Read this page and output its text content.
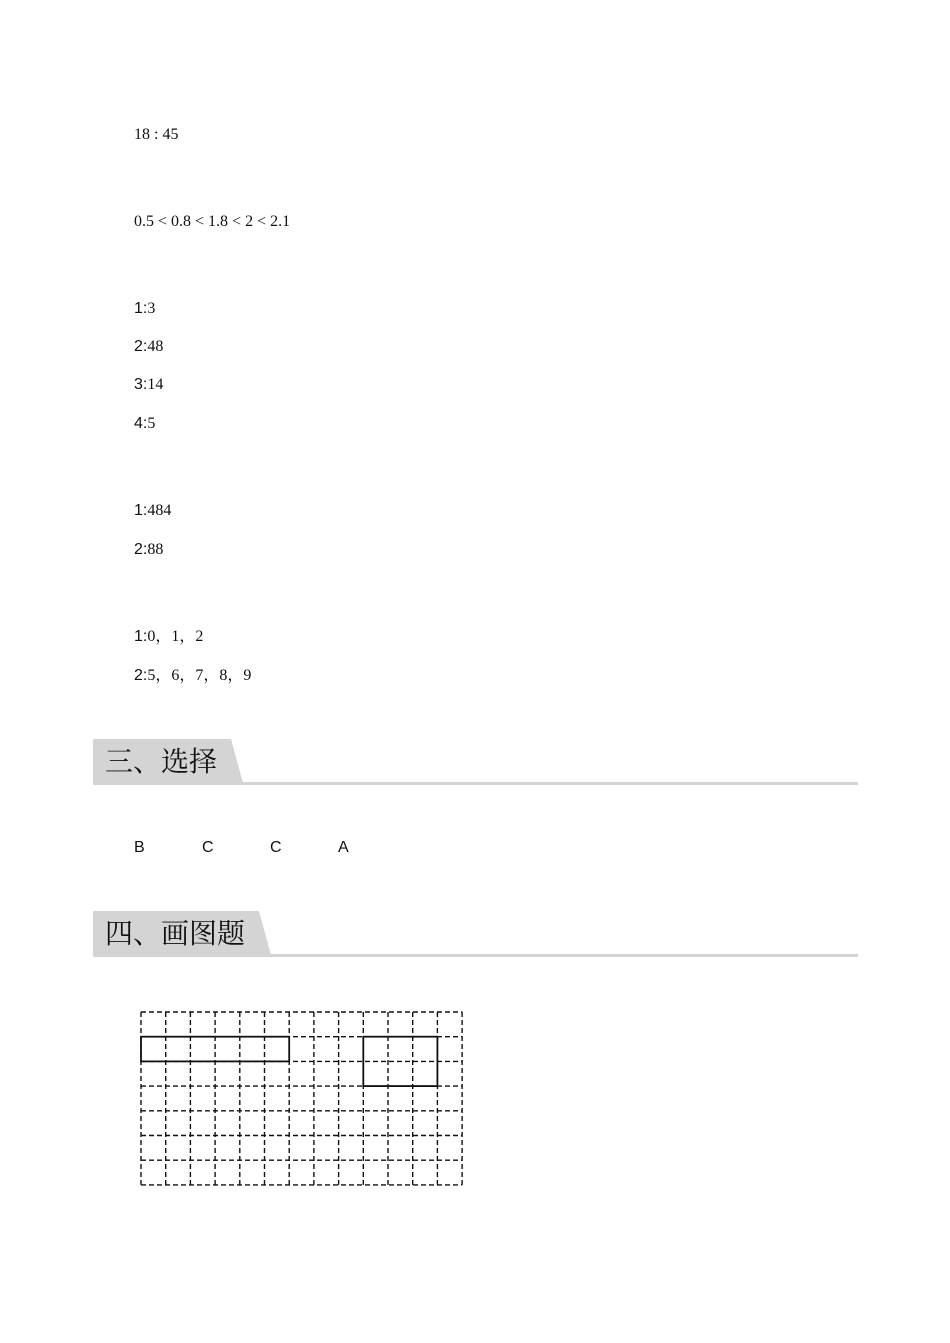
18 : 45
0.5 < 0.8 < 1.8 < 2 < 2.1
1:3
2:48
3:14
4:5
1:484
2:88
1:0，1，2
2:5，6，7，8，9
三、选择
B	C	C	A
四、画图题
